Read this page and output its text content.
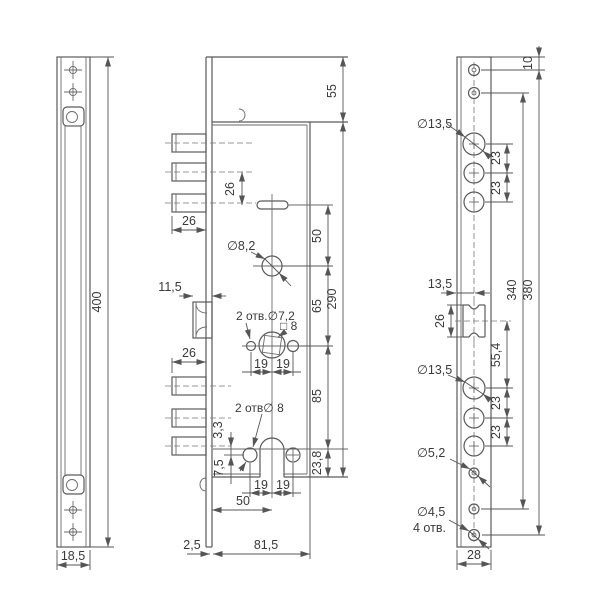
400
18,5
26
26
∅8,2
2 отв.∅7,2
□ 8
19 19
26
11,5
2 отв∅ 8
3,3
7,5
19 19
50
50
65
85
23,8
55
290
2,5	81,5
10
∅13,5
23
23
13,5
26
55,4
∅13,5
23
23
∅5,2
∅4,5
4 отв.
340 380
28
